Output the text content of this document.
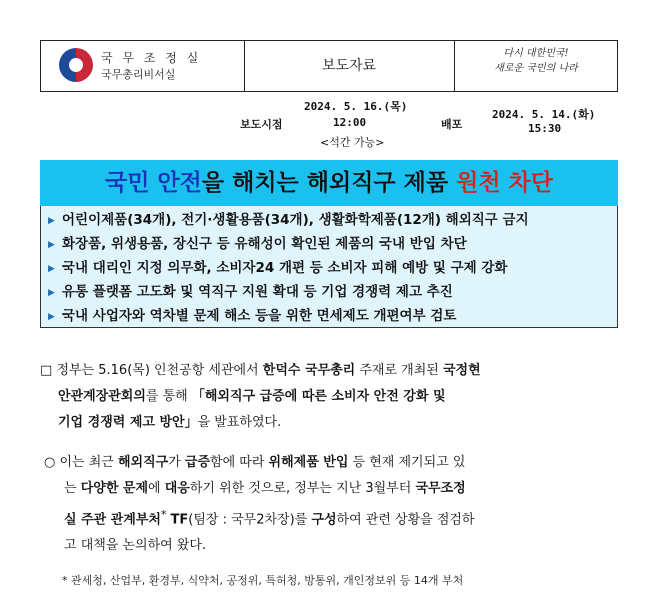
국 무 조 정 실
국무총리비서실
보도자료
다시 대한민국!
새로운 국민의 나라
2024. 5. 16.(목)
보도시점	12:00
<석간 가능>
배포
2024. 5. 14.(화)
15:30
국민 안전을 해치는 해외직구 제품 원천 차단
▶ 어린이제품(34개), 전기·생활용품(34개), 생활화학제품(12개) 해외직구 금지
▶ 화장품, 위생용품, 장신구 등 유해성이 확인된 제품의 국내 반입 차단
▶ 국내 대리인 지정 의무화, 소비자24 개편 등 소비자 피해 예방 및 구제 강화
▶ 유통 플랫폼 고도화 및 역직구 지원 확대 등 기업 경쟁력 제고 추진
▶ 국내 사업자와 역차별 문제 해소 등을 위한 면세제도 개편여부 검토
□ 정부는 5.16(목) 인천공항 세관에서 한덕수 국무총리 주재로 개최된 국정현
안관계장관회의를 통해 「해외직구 급증에 따른 소비자 안전 강화 및
기업 경쟁력 제고 방안」을 발표하였다.
○ 이는 최근 해외직구가 급증함에 따라 위해제품 반입 등 현재 제기되고 있
는 다양한 문제에 대응하기 위한 것으로, 정부는 지난 3월부터 국무조정
실 주관 관계부처* TF(팀장 : 국무2차장)를 구성하여 관련 상황을 점검하
고 대책을 논의하여 왔다.
* 관세청, 산업부, 환경부, 식약처, 공정위, 특허청, 방통위, 개인정보위 등 14개 부처
